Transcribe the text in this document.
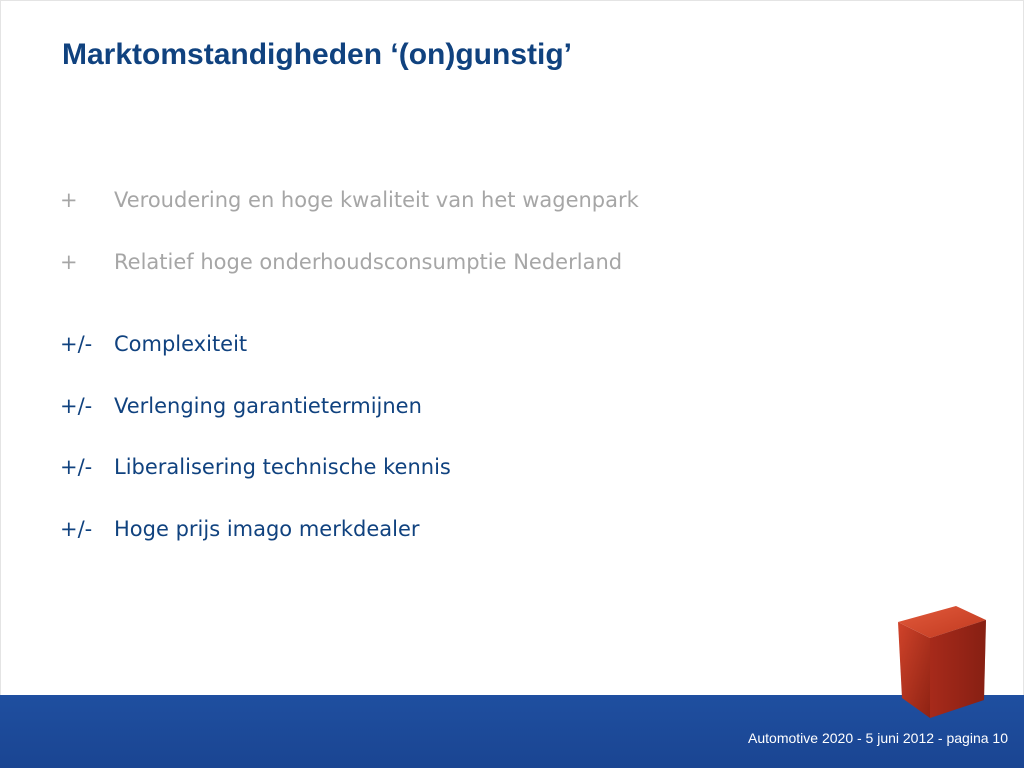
Marktomstandigheden ‘(on)gunstig’
+ Veroudering en hoge kwaliteit van het wagenpark
+ Relatief hoge onderhoudsconsumptie Nederland
+/- Complexiteit
+/- Verlenging garantietermijnen
+/- Liberalisering technische kennis
+/- Hoge prijs imago merkdealer
Automotive 2020 - 5 juni 2012 - pagina 10
